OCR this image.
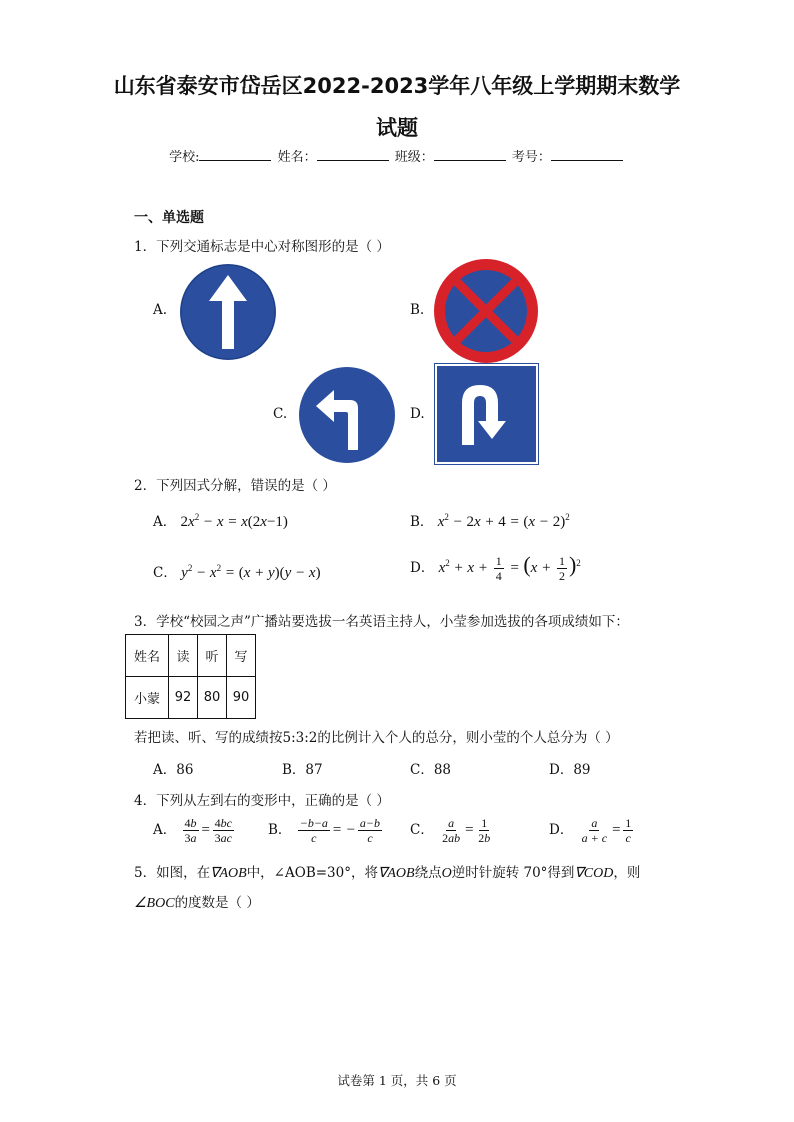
山东省泰安市岱岳区2022-2023学年八年级上学期期末数学
试题
学校:	姓名：	班级：	考号：
一、单选题
1．下列交通标志是中心对称图形的是（ ）
A.	B.
C.	D.
2．下列因式分解，错误的是（ ）
A． $2x^2 - x = x(2x-1)$	B． $x^2 - 2x + 4 = (x - 2)^2$
C． $y^2 - x^2 = (x + y)(y - x)$	D． $x^2 + x + \frac{1}{4} = (x + \frac{1}{2} )^2$
3．学校“校园之声”广播站要选拔一名英语主持人，小莹参加选拔的各项成绩如下：
姓名	读	听	写
小蒙	92	80	90
若把读、听、写的成绩按5:3:2的比例计入个人的总分，则小莹的个人总分为（ ）
A．86	B．87	C．88	D．89
4．下列从左到右的变形中，正确的是（ ）
A． $\frac{4b}{3a} = \frac{4bc}{3ac}$	B． $\frac{-b-a}{c}$ = − $\frac{a-b}{c}$ C． $\frac{a}{2ab} = \frac{1}{2b}$	D． $\frac{a}{a + c} = \frac{1}{c}$
5．如图，在∇AOB中，∠AOB=30°，将∇AOB绕点O逆时针旋转 70°得到∇COD，则
∠BOC的度数是（ ）
试卷第 1 页，共 6 页
